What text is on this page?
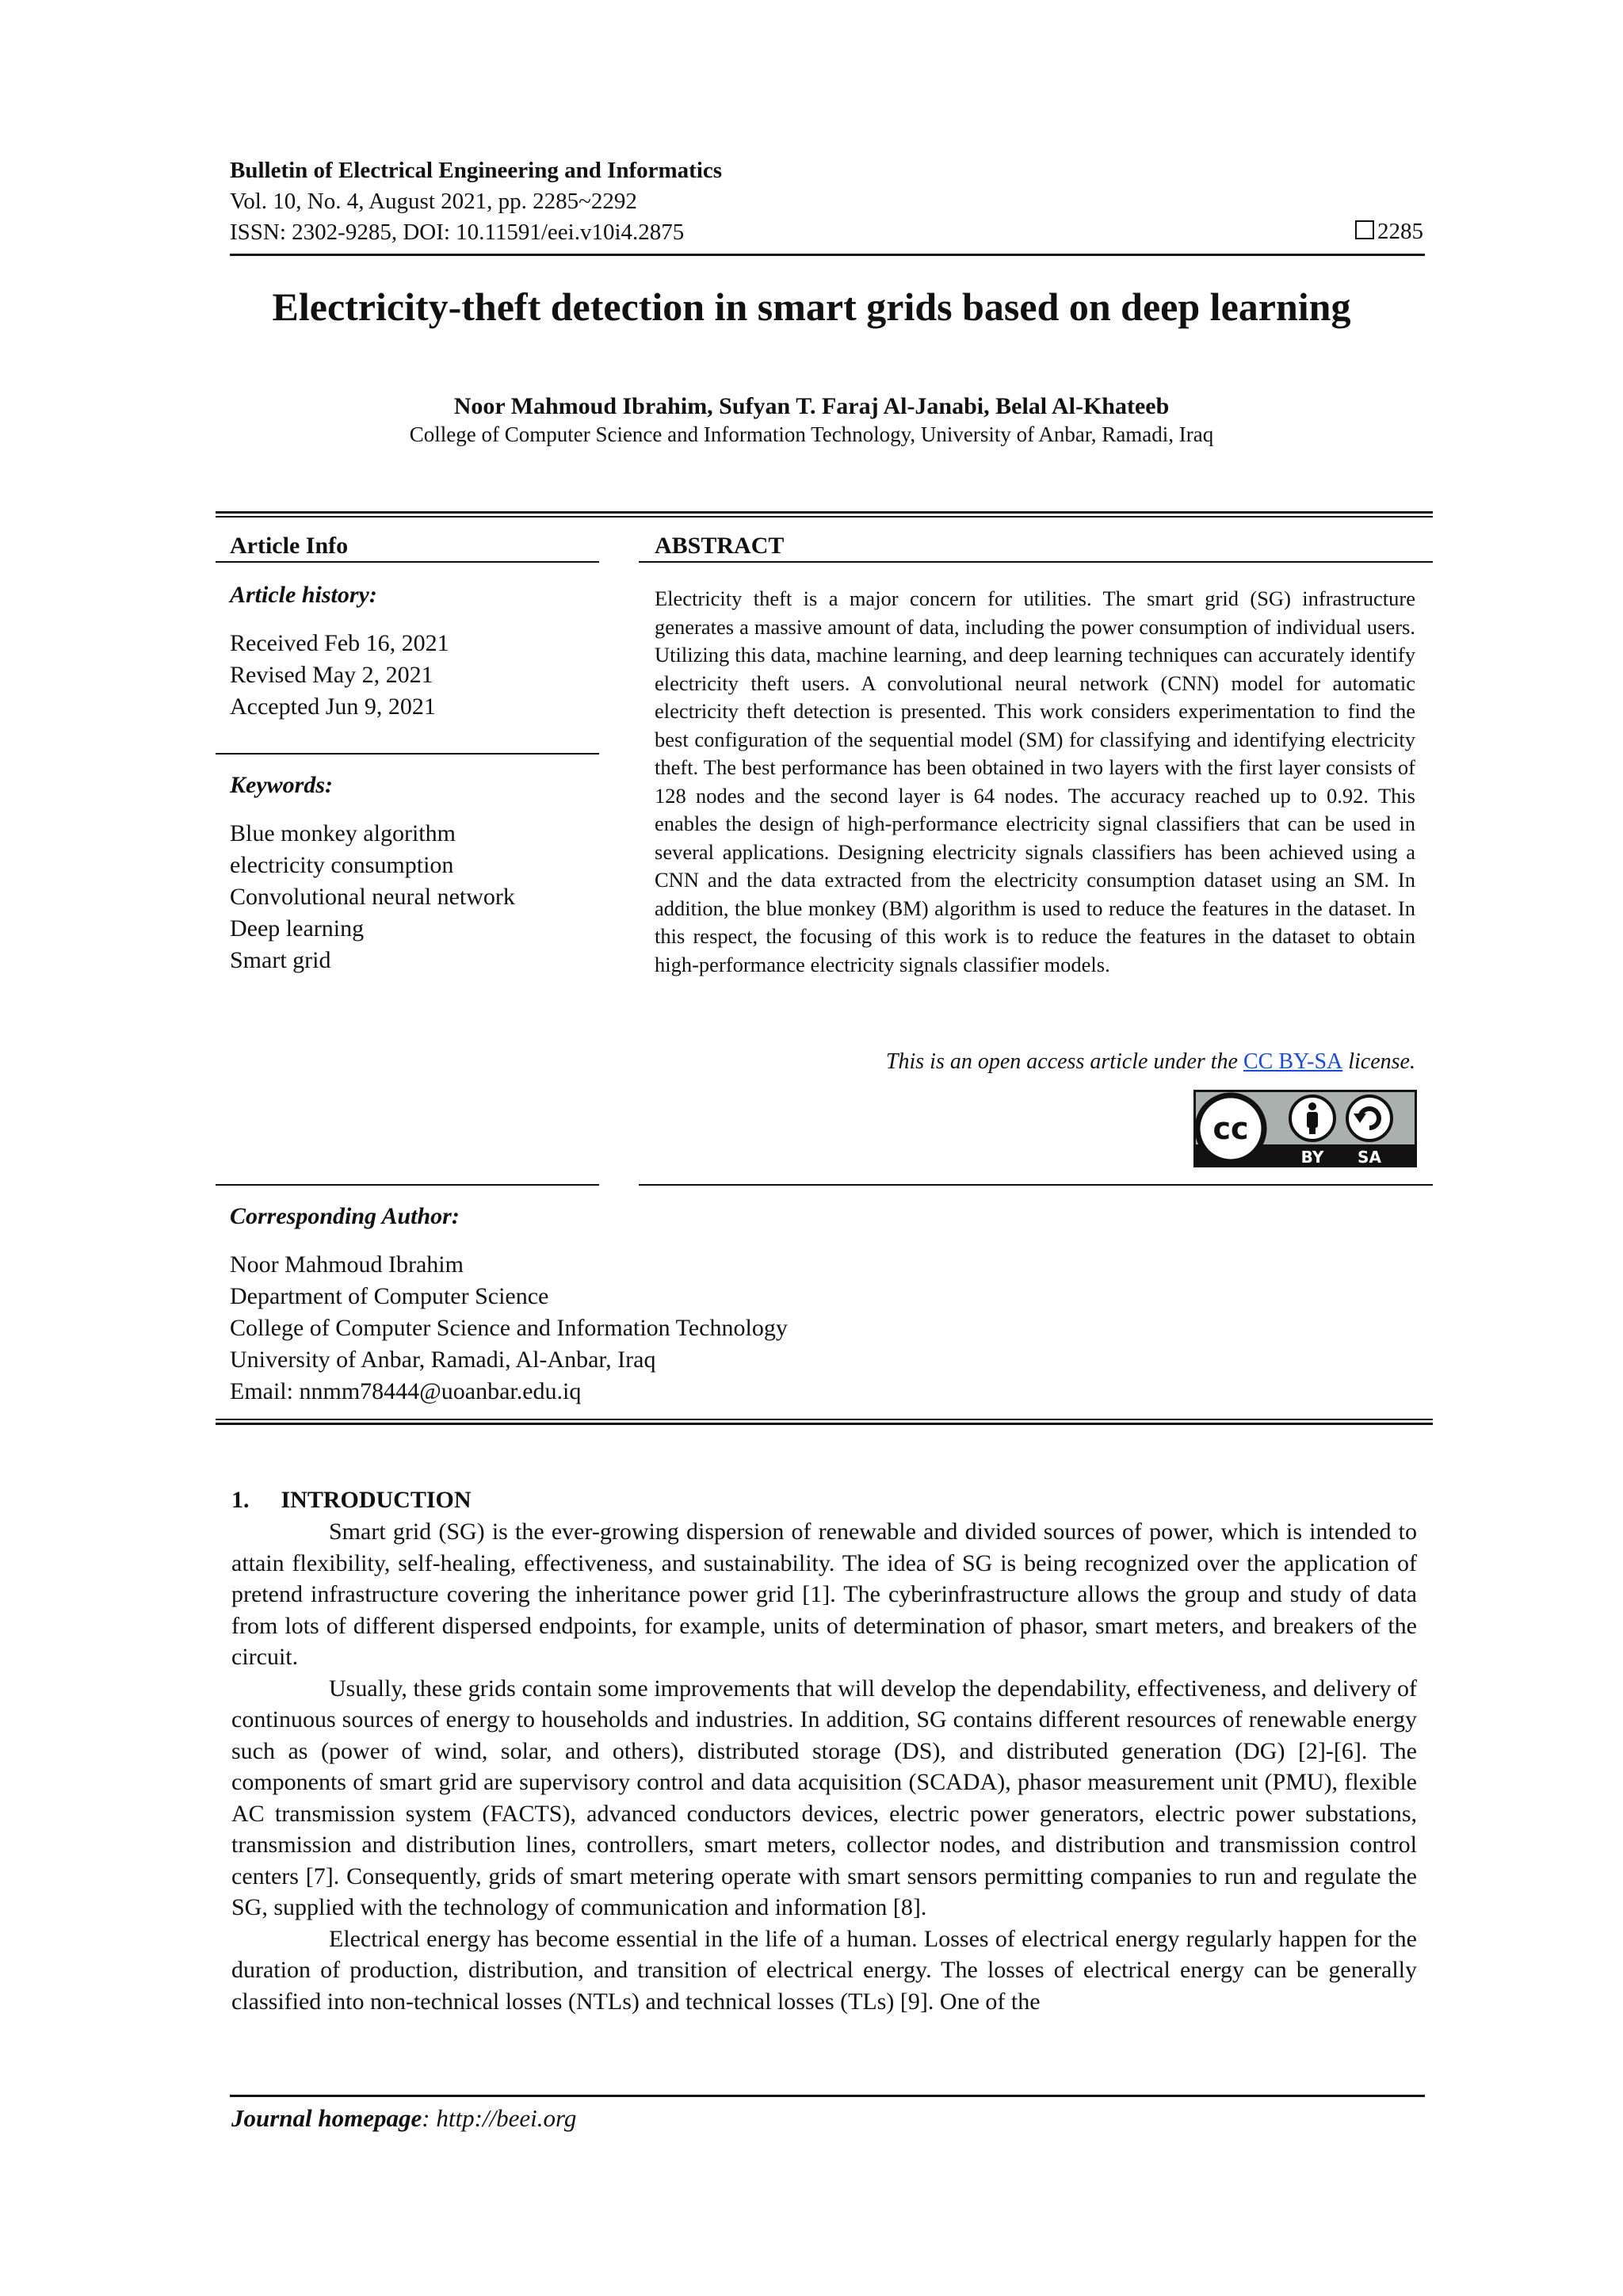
Bulletin of Electrical Engineering and Informatics
Vol. 10, No. 4, August 2021, pp. 2285~2292
ISSN: 2302-9285, DOI: 10.11591/eei.v10i4.2875	2285
Electricity-theft detection in smart grids based on deep learning
Noor Mahmoud Ibrahim, Sufyan T. Faraj Al-Janabi, Belal Al-Khateeb
College of Computer Science and Information Technology, University of Anbar, Ramadi, Iraq
Article Info
Article history:
Received Feb 16, 2021
Revised May 2, 2021
Accepted Jun 9, 2021
Keywords:
Blue monkey algorithm
electricity consumption
Convolutional neural network
Deep learning
Smart grid
ABSTRACT
Electricity theft is a major concern for utilities. The smart grid (SG) infrastructure generates a massive amount of data, including the power consumption of individual users. Utilizing this data, machine learning, and deep learning techniques can accurately identify electricity theft users. A convolutional neural network (CNN) model for automatic electricity theft detection is presented. This work considers experimentation to find the best configuration of the sequential model (SM) for classifying and identifying electricity theft. The best performance has been obtained in two layers with the first layer consists of 128 nodes and the second layer is 64 nodes. The accuracy reached up to 0.92. This enables the design of high-performance electricity signal classifiers that can be used in several applications. Designing electricity signals classifiers has been achieved using a CNN and the data extracted from the electricity consumption dataset using an SM. In addition, the blue monkey (BM) algorithm is used to reduce the features in the dataset. In this respect, the focusing of this work is to reduce the features in the dataset to obtain high-performance electricity signals classifier models.
This is an open access article under the CC BY-SA license.
cc
BY SA
Corresponding Author:
Noor Mahmoud Ibrahim
Department of Computer Science
College of Computer Science and Information Technology
University of Anbar, Ramadi, Al-Anbar, Iraq
Email: nnmm78444@uoanbar.edu.iq
1. INTRODUCTION

Smart grid (SG) is the ever-growing dispersion of renewable and divided sources of power, which is intended to attain flexibility, self-healing, effectiveness, and sustainability. The idea of SG is being recognized over the application of pretend infrastructure covering the inheritance power grid [1]. The cyberinfrastructure allows the group and study of data from lots of different dispersed endpoints, for example, units of determination of phasor, smart meters, and breakers of the circuit.

Usually, these grids contain some improvements that will develop the dependability, effectiveness, and delivery of continuous sources of energy to households and industries. In addition, SG contains different resources of renewable energy such as (power of wind, solar, and others), distributed storage (DS), and distributed generation (DG) [2]-[6]. The components of smart grid are supervisory control and data acquisition (SCADA), phasor measurement unit (PMU), flexible AC transmission system (FACTS), advanced conductors devices, electric power generators, electric power substations, transmission and distribution lines, controllers, smart meters, collector nodes, and distribution and transmission control centers [7]. Consequently, grids of smart metering operate with smart sensors permitting companies to run and regulate the SG, supplied with the technology of communication and information [8].

Electrical energy has become essential in the life of a human. Losses of electrical energy regularly happen for the duration of production, distribution, and transition of electrical energy. The losses of electrical energy can be generally classified into non-technical losses (NTLs) and technical losses (TLs) [9]. One of the

Journal homepage: http://beei.org
